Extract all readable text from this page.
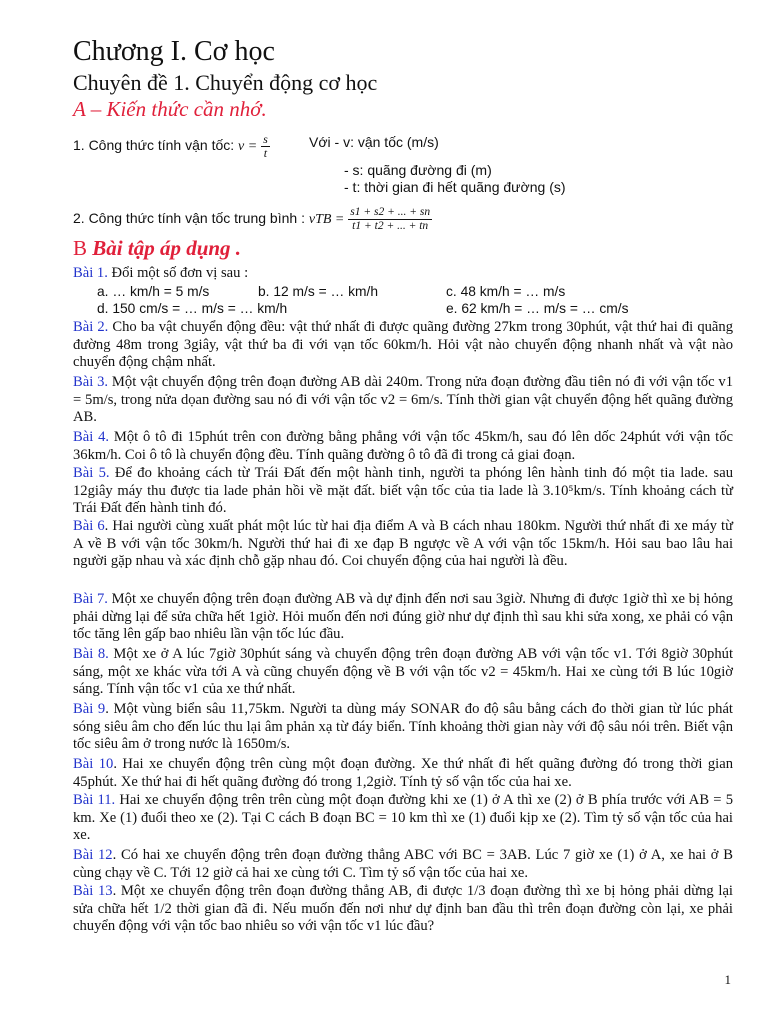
Chương I. Cơ học
Chuyên đề 1. Chuyển động cơ học
A – Kiến thức cần nhớ.
1. Công thức tính vận tốc: $v = \frac{s}{t}$	Với - v: vận tốc (m/s)
- s: quãng đường đi (m)
- t: thời gian đi hết quãng đường (s)
2. Công thức tính vận tốc trung bình : vTB = $\frac{s1 + s2 + ... + sn}{t1 + t2 + ... + tn}$
B Bài tập áp dụng .
Bài 1. Đổi một số đơn vị sau :
a. … km/h = 5 m/s	b. 12 m/s = … km/h	c. 48 km/h = … m/s
d. 150 cm/s = … m/s = … km/h	e. 62 km/h = … m/s = … cm/s
Bài 2. Cho ba vật chuyển động đều: vật thứ nhất đi được quãng đường 27km trong 30phút, vật thứ hai đi quãng đường 48m trong 3giây, vật thứ ba đi với vạn tốc 60km/h. Hỏi vật nào chuyển động nhanh nhất và vật nào chuyển động chậm nhất.
Bài 3. Một vật chuyển động trên đoạn đường AB dài 240m. Trong nửa đoạn đường đầu tiên nó đi với vận tốc v1 = 5m/s, trong nửa dọan đường sau nó đi với vận tốc v2 = 6m/s. Tính thời gian vật chuyển động hết quãng đường AB.
Bài 4. Một ô tô đi 15phút trên con đường bằng phẳng với vận tốc 45km/h, sau đó lên dốc 24phút với vận tốc 36km/h. Coi ô tô là chuyển động đều. Tính quãng đường ô tô đã đi trong cả giai đoạn.
Bài 5. Để đo khoảng cách từ Trái Đất đến một hành tinh, người ta phóng lên hành tinh đó một tia lade. sau 12giây máy thu được tia lade phản hồi về mặt đất. biết vận tốc của tia lade là 3.10⁵km/s. Tính khoảng cách từ Trái Đất đến hành tinh đó.
Bài 6. Hai người cùng xuất phát một lúc từ hai địa điểm A và B cách nhau 180km. Người thứ nhất đi xe máy từ A về B với vận tốc 30km/h. Người thứ hai đi xe đạp B ngược về A với vận tốc 15km/h. Hỏi sau bao lâu hai người gặp nhau và xác định chỗ gặp nhau đó. Coi chuyển động của hai người là đều.
Bài 7. Một xe chuyển động trên đoạn đường AB và dự định đến nơi sau 3giờ. Nhưng đi được 1giờ thì xe bị hỏng phải dừng lại để sửa chữa hết 1giờ. Hỏi muốn đến nơi đúng giờ như dự định thì sau khi sửa xong, xe phải có vận tốc tăng lên gấp bao nhiêu lần vận tốc lúc đầu.
Bài 8. Một xe ở A lúc 7giờ 30phút sáng và chuyển động trên đoạn đường AB với vận tốc v1. Tới 8giờ 30phút sáng, một xe khác vừa tới A và cũng chuyển động về B với vận tốc v2 = 45km/h. Hai xe cùng tới B lúc 10giờ sáng. Tính vận tốc v1 của xe thứ nhất.
Bài 9. Một vùng biển sâu 11,75km. Người ta dùng máy SONAR đo độ sâu bằng cách đo thời gian từ lúc phát sóng siêu âm cho đến lúc thu lại âm phản xạ từ đáy biển. Tính khoảng thời gian này với độ sâu nói trên. Biết vận tốc siêu âm ở trong nước là 1650m/s.
Bài 10. Hai xe chuyển động trên cùng một đoạn đường. Xe thứ nhất đi hết quãng đường đó trong thời gian 45phút. Xe thứ hai đi hết quãng đường đó trong 1,2giờ. Tính tỷ số vận tốc của hai xe.
Bài 11. Hai xe chuyển động trên trên cùng một đoạn đường khi xe (1) ở A thì xe (2) ở B phía trước với AB = 5 km. Xe (1) đuổi theo xe (2). Tại C cách B đoạn BC = 10 km thì xe (1) đuổi kịp xe (2). Tìm tỷ số vận tốc của hai xe.
Bài 12. Có hai xe chuyển động trên đoạn đường thẳng ABC với BC = 3AB. Lúc 7 giờ xe (1) ở A, xe hai ở B cùng chạy về C. Tới 12 giờ cả hai xe cùng tới C. Tìm tỷ số vận tốc của hai xe.
Bài 13. Một xe chuyển động trên đoạn đường thẳng AB, đi được 1/3 đoạn đường thì xe bị hỏng phải dừng lại sửa chữa hết 1/2 thời gian đã đi. Nếu muốn đến nơi như dự định ban đầu thì trên đoạn đường còn lại, xe phải chuyển động với vận tốc bao nhiêu so với vận tốc v1 lúc đầu?
1
